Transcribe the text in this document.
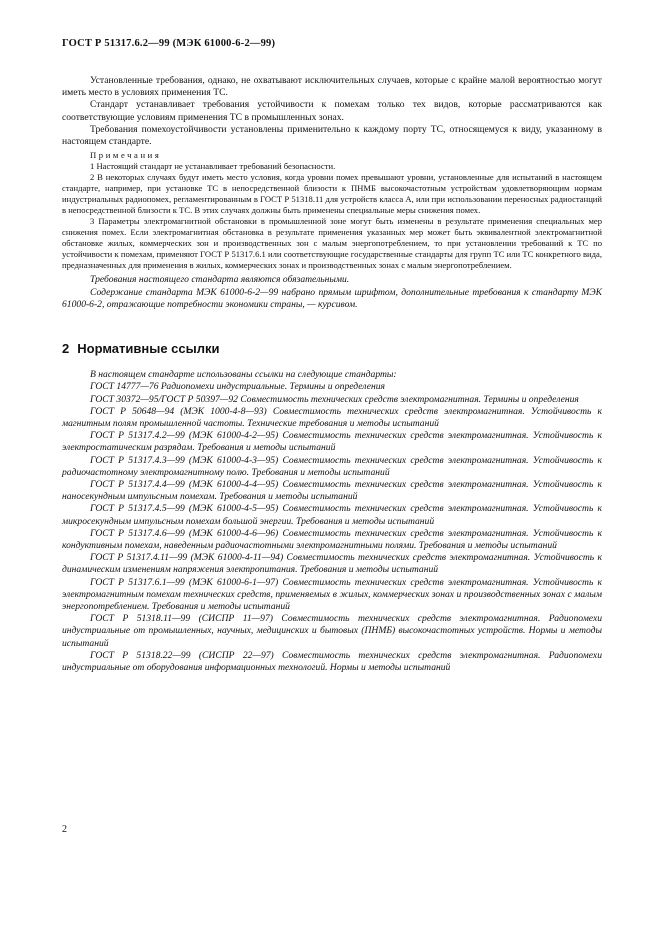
ГОСТ Р 51317.6.2—99 (МЭК 61000-6-2—99)

Установленные требования, однако, не охватывают исключительных случаев, которые с крайне малой вероятностью могут иметь место в условиях применения ТС.

Стандарт устанавливает требования устойчивости к помехам только тех видов, которые рассматриваются как соответствующие условиям применения ТС в промышленных зонах.

Требования помехоустойчивости установлены применительно к каждому порту ТС, относящемуся к виду, указанному в настоящем стандарте.

Примечания

1 Настоящий стандарт не устанавливает требований безопасности.

2 В некоторых случаях будут иметь место условия, когда уровни помех превышают уровни, установленные для испытаний в настоящем стандарте, например, при установке ТС в непосредственной близости к ПНМБ высокочастотным устройствам удовлетворяющим нормам индустриальных радиопомех, регламентированным в ГОСТ Р 51318.11 для устройств класса А, или при использовании переносных радиостанций в непосредственной близости к ТС. В этих случаях должны быть применены специальные меры снижения помех.

3 Параметры электромагнитной обстановки в промышленной зоне могут быть изменены в результате применения специальных мер снижения помех. Если электромагнитная обстановка в результате применения указанных мер может быть эквивалентной электромагнитной обстановке жилых, коммерческих зон и производственных зон с малым энергопотреблением, то при установлении требований к ТС по устойчивости к помехам, применяют ГОСТ Р 51317.6.1 или соответствующие государственные стандарты для групп ТС или ТС конкретного вида, предназначенных для применения в жилых, коммерческих зонах и производственных зонах с малым энергопотреблением.

Требования настоящего стандарта являются обязательными.

Содержание стандарта МЭК 61000-6-2—99 набрано прямым шрифтом, дополнительные требования к стандарту МЭК 61000-6-2, отражающие потребности экономики страны, — курсивом.

2 Нормативные ссылки

В настоящем стандарте использованы ссылки на следующие стандарты:

ГОСТ 14777—76 Радиопомехи индустриальные. Термины и определения

ГОСТ 30372—95/ГОСТ Р 50397—92 Совместимость технических средств электромагнитная. Термины и определения

ГОСТ Р 50648—94 (МЭК 1000-4-8—93) Совместимость технических средств электромагнитная. Устойчивость к магнитным полям промышленной частоты. Технические требования и методы испытаний

ГОСТ Р 51317.4.2—99 (МЭК 61000-4-2—95) Совместимость технических средств электромагнитная. Устойчивость к электростатическим разрядам. Требования и методы испытаний

ГОСТ Р 51317.4.3—99 (МЭК 61000-4-3—95) Совместимость технических средств электромагнитная. Устойчивость к радиочастотному электромагнитному полю. Требования и методы испытаний

ГОСТ Р 51317.4.4—99 (МЭК 61000-4-4—95) Совместимость технических средств электромагнитная. Устойчивость к наносекундным импульсным помехам. Требования и методы испытаний

ГОСТ Р 51317.4.5—99 (МЭК 61000-4-5—95) Совместимость технических средств электромагнитная. Устойчивость к микросекундным импульсным помехам большой энергии. Требования и методы испытаний

ГОСТ Р 51317.4.6—99 (МЭК 61000-4-6—96) Совместимость технических средств электромагнитная. Устойчивость к кондуктивным помехам, наведенным радиочастотными электромагнитными полями. Требования и методы испытаний

ГОСТ Р 51317.4.11—99 (МЭК 61000-4-11—94) Совместимость технических средств электромагнитная. Устойчивость к динамическим изменениям напряжения электропитания. Требования и методы испытаний

ГОСТ Р 51317.6.1—99 (МЭК 61000-6-1—97) Совместимость технических средств электромагнитная. Устойчивость к электромагнитным помехам технических средств, применяемых в жилых, коммерческих зонах и производственных зонах с малым энергопотреблением. Требования и методы испытаний

ГОСТ Р 51318.11—99 (СИСПР 11—97) Совместимость технических средств электромагнитная. Радиопомехи индустриальные от промышленных, научных, медицинских и бытовых (ПНМБ) высокочастотных устройств. Нормы и методы испытаний

ГОСТ Р 51318.22—99 (СИСПР 22—97) Совместимость технических средств электромагнитная. Радиопомехи индустриальные от оборудования информационных технологий. Нормы и методы испытаний

2
